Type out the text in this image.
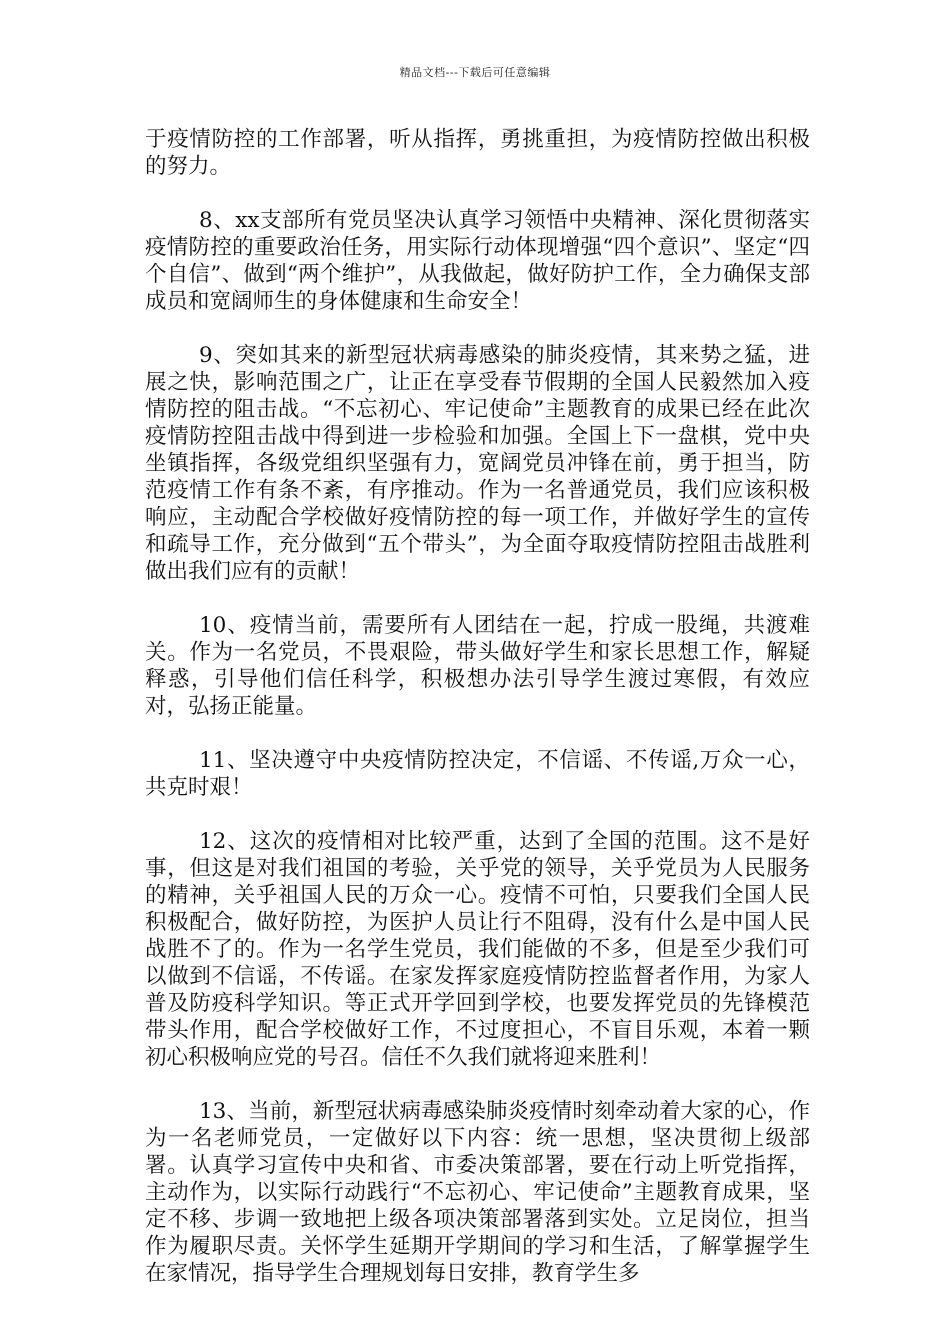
精品文档---下载后可任意编辑

于疫情防控的工作部署，听从指挥，勇挑重担，为疫情防控做出积极的努力。

8、xx支部所有党员坚决认真学习领悟中央精神、深化贯彻落实疫情防控的重要政治任务，用实际行动体现增强“四个意识”、坚定“四个自信”、做到“两个维护”，从我做起，做好防护工作，全力确保支部成员和宽阔师生的身体健康和生命安全！

9、突如其来的新型冠状病毒感染的肺炎疫情，其来势之猛，进展之快，影响范围之广，让正在享受春节假期的全国人民毅然加入疫情防控的阻击战。“不忘初心、牢记使命”主题教育的成果已经在此次疫情防控阻击战中得到进一步检验和加强。全国上下一盘棋，党中央坐镇指挥，各级党组织坚强有力，宽阔党员冲锋在前，勇于担当，防范疫情工作有条不紊，有序推动。作为一名普通党员，我们应该积极响应，主动配合学校做好疫情防控的每一项工作，并做好学生的宣传和疏导工作，充分做到“五个带头”，为全面夺取疫情防控阻击战胜利做出我们应有的贡献！

10、疫情当前，需要所有人团结在一起，拧成一股绳，共渡难关。作为一名党员，不畏艰险，带头做好学生和家长思想工作，解疑释惑，引导他们信任科学，积极想办法引导学生渡过寒假，有效应对，弘扬正能量。

11、坚决遵守中央疫情防控决定，不信谣、不传谣,万众一心，共克时艰！

12、这次的疫情相对比较严重，达到了全国的范围。这不是好事，但这是对我们祖国的考验，关乎党的领导，关乎党员为人民服务的精神，关乎祖国人民的万众一心。疫情不可怕，只要我们全国人民积极配合，做好防控，为医护人员让行不阻碍，没有什么是中国人民战胜不了的。作为一名学生党员，我们能做的不多，但是至少我们可以做到不信谣，不传谣。在家发挥家庭疫情防控监督者作用，为家人普及防疫科学知识。等正式开学回到学校，也要发挥党员的先锋模范带头作用，配合学校做好工作，不过度担心，不盲目乐观，本着一颗初心积极响应党的号召。信任不久我们就将迎来胜利！

13、当前，新型冠状病毒感染肺炎疫情时刻牵动着大家的心，作为一名老师党员，一定做好以下内容：统一思想，坚决贯彻上级部署。认真学习宣传中央和省、市委决策部署，要在行动上听党指挥，主动作为，以实际行动践行“不忘初心、牢记使命”主题教育成果，坚定不移、步调一致地把上级各项决策部署落到实处。立足岗位，担当作为履职尽责。关怀学生延期开学期间的学习和生活，了解掌握学生在家情况，指导学生合理规划每日安排，教育学生多
